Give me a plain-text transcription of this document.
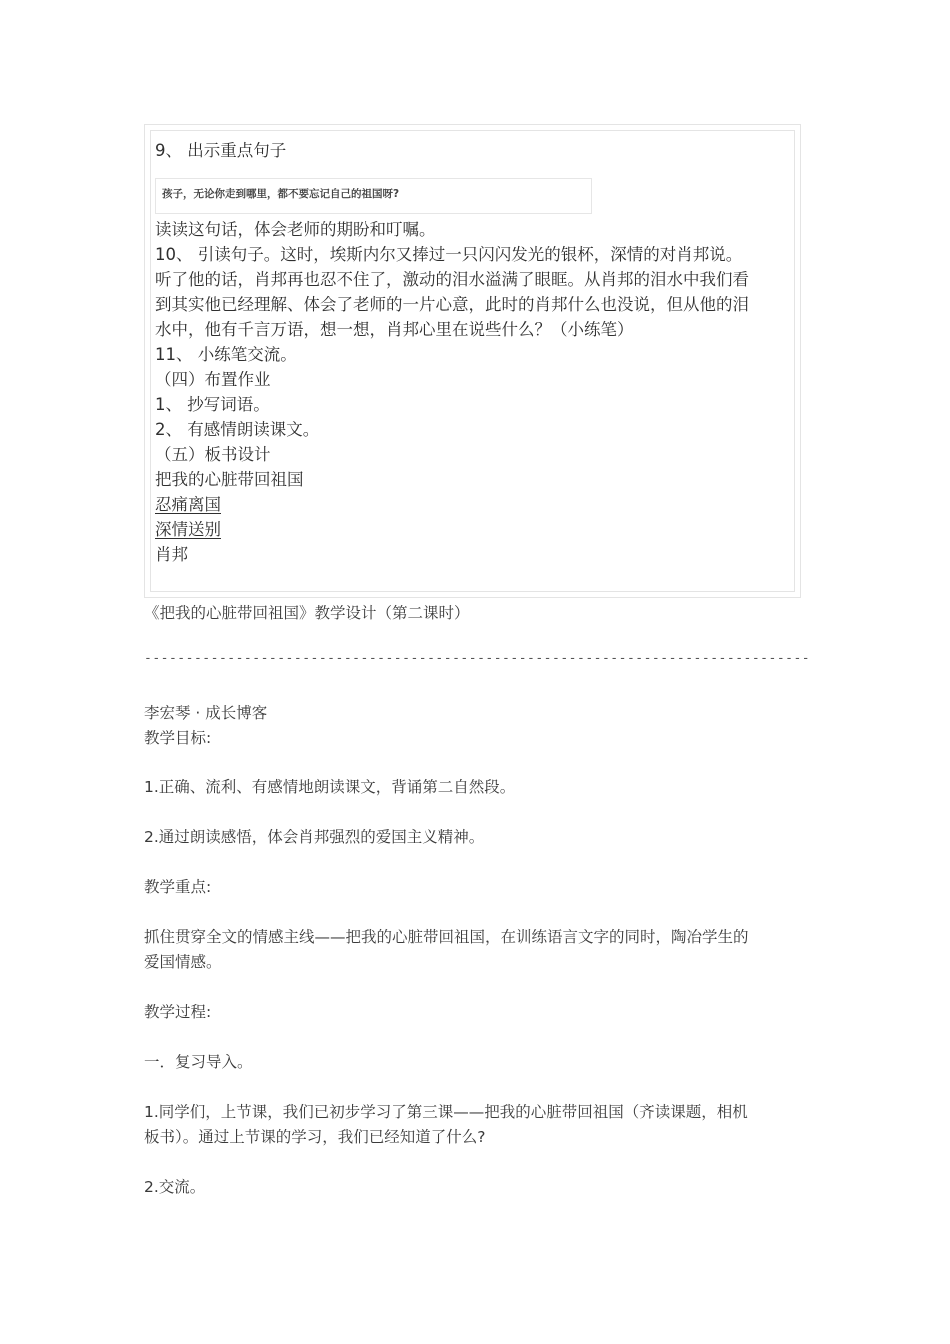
9、 出示重点句子
孩子，无论你走到哪里，都不要忘记自己的祖国呀?
读读这句话，体会老师的期盼和叮嘱。
10、 引读句子。这时，埃斯内尔又捧过一只闪闪发光的银杯，深情的对肖邦说。
听了他的话，肖邦再也忍不住了，激动的泪水溢满了眼眶。从肖邦的泪水中我们看
到其实他已经理解、体会了老师的一片心意，此时的肖邦什么也没说，但从他的泪
水中，他有千言万语，想一想，肖邦心里在说些什么？（小练笔）
11、 小练笔交流。
（四）布置作业
1、 抄写词语。
2、 有感情朗读课文。
（五）板书设计
把我的心脏带回祖国
忍痛离国
深情送别
肖邦
《把我的心脏带回祖国》教学设计（第二课时）
--------------------------------------------------------------------------------
李宏琴 · 成长博客
教学目标:
1.正确、流利、有感情地朗读课文，背诵第二自然段。
2.通过朗读感悟，体会肖邦强烈的爱国主义精神。
教学重点:
抓住贯穿全文的情感主线——把我的心脏带回祖国，在训练语言文字的同时，陶冶学生的
爱国情感。
教学过程:
一．复习导入。
1.同学们，上节课，我们已初步学习了第三课——把我的心脏带回祖国（齐读课题，相机
板书）。通过上节课的学习，我们已经知道了什么?
2.交流。
